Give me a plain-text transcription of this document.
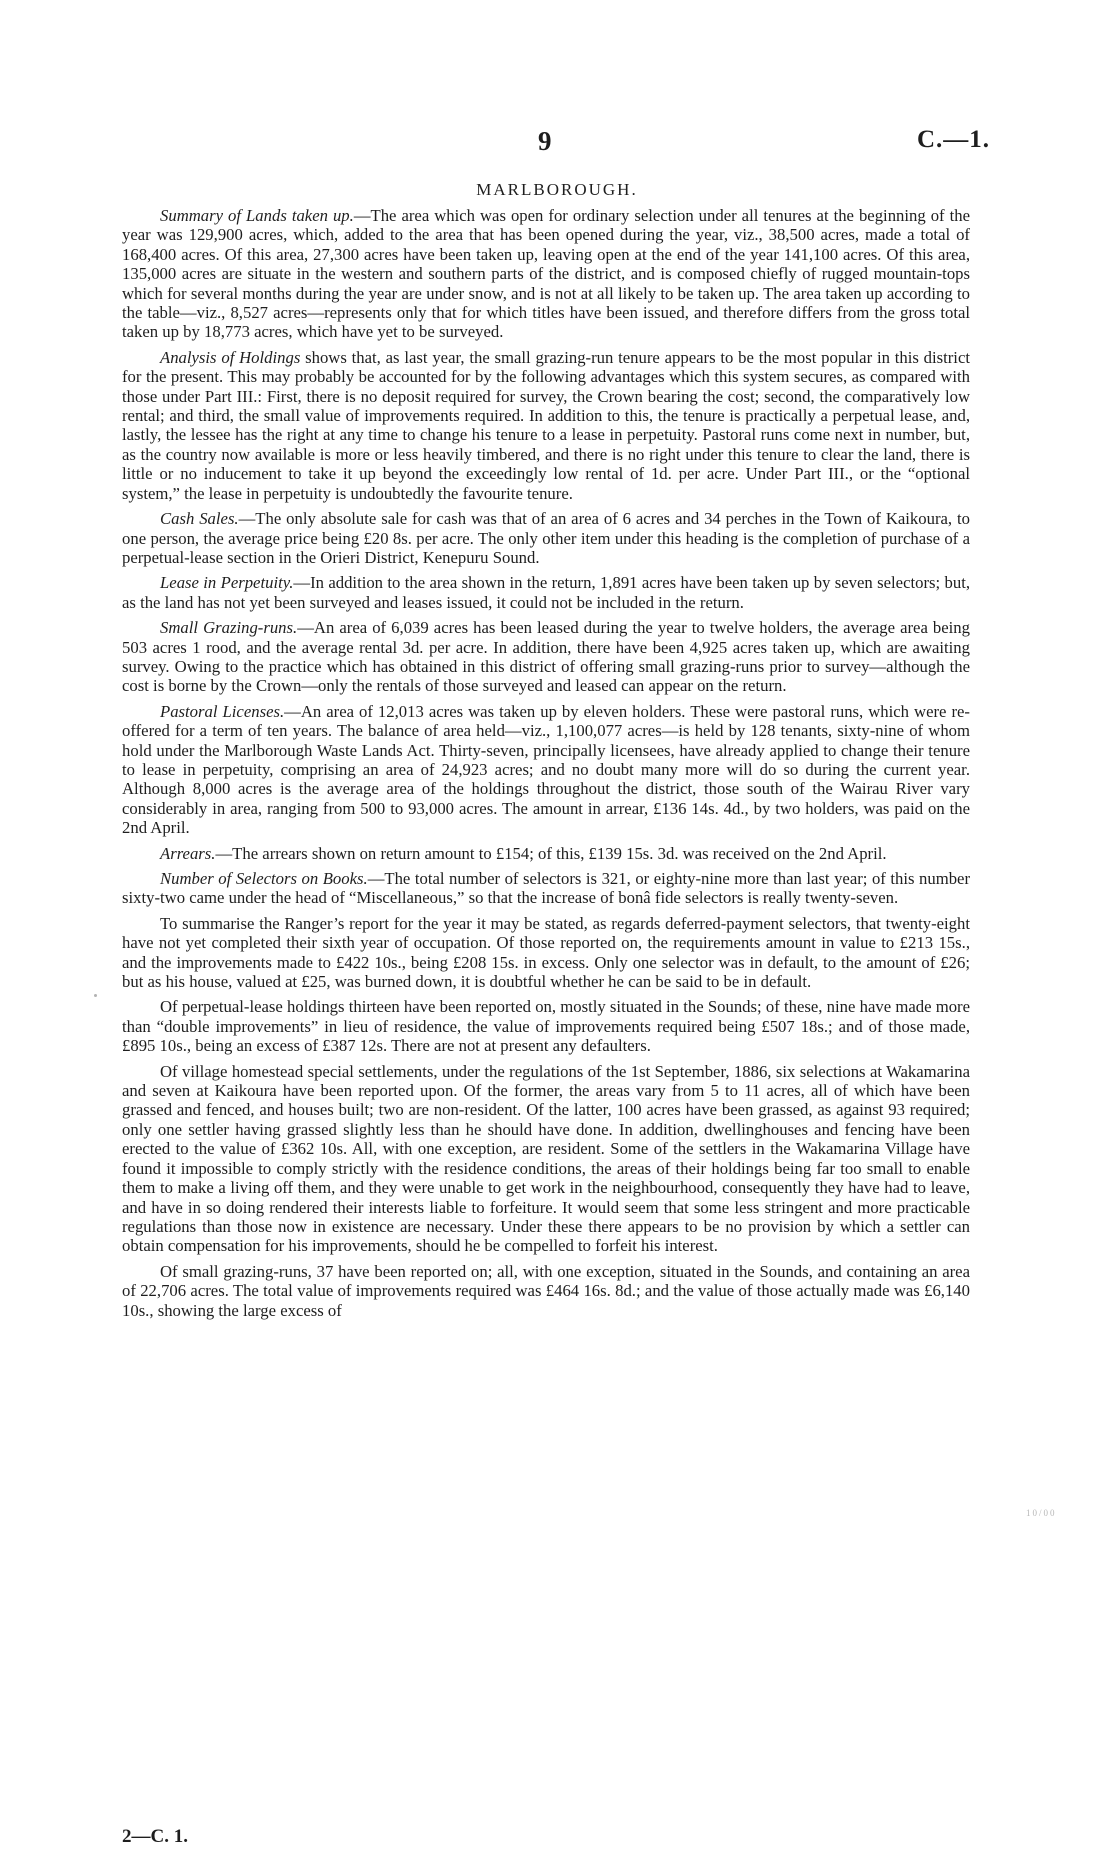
9	C.—1.
MARLBOROUGH.

Summary of Lands taken up.—The area which was open for ordinary selection under all tenures at the beginning of the year was 129,900 acres, which, added to the area that has been opened during the year, viz., 38,500 acres, made a total of 168,400 acres. Of this area, 27,300 acres have been taken up, leaving open at the end of the year 141,100 acres. Of this area, 135,000 acres are situate in the western and southern parts of the district, and is composed chiefly of rugged mountain-tops which for several months during the year are under snow, and is not at all likely to be taken up. The area taken up according to the table—viz., 8,527 acres—represents only that for which titles have been issued, and therefore differs from the gross total taken up by 18,773 acres, which have yet to be surveyed.

Analysis of Holdings shows that, as last year, the small grazing-run tenure appears to be the most popular in this district for the present. This may probably be accounted for by the following advantages which this system secures, as compared with those under Part III.: First, there is no deposit required for survey, the Crown bearing the cost; second, the comparatively low rental; and third, the small value of improvements required. In addition to this, the tenure is practically a perpetual lease, and, lastly, the lessee has the right at any time to change his tenure to a lease in perpetuity. Pastoral runs come next in number, but, as the country now available is more or less heavily timbered, and there is no right under this tenure to clear the land, there is little or no inducement to take it up beyond the exceedingly low rental of 1d. per acre. Under Part III., or the “optional system,” the lease in perpetuity is undoubtedly the favourite tenure.

Cash Sales.—The only absolute sale for cash was that of an area of 6 acres and 34 perches in the Town of Kaikoura, to one person, the average price being £20 8s. per acre. The only other item under this heading is the completion of purchase of a perpetual-lease section in the Orieri District, Kenepuru Sound.

Lease in Perpetuity.—In addition to the area shown in the return, 1,891 acres have been taken up by seven selectors; but, as the land has not yet been surveyed and leases issued, it could not be included in the return.

Small Grazing-runs.—An area of 6,039 acres has been leased during the year to twelve holders, the average area being 503 acres 1 rood, and the average rental 3d. per acre. In addition, there have been 4,925 acres taken up, which are awaiting survey. Owing to the practice which has obtained in this district of offering small grazing-runs prior to survey—although the cost is borne by the Crown—only the rentals of those surveyed and leased can appear on the return.

Pastoral Licenses.—An area of 12,013 acres was taken up by eleven holders. These were pastoral runs, which were re-offered for a term of ten years. The balance of area held—viz., 1,100,077 acres—is held by 128 tenants, sixty-nine of whom hold under the Marlborough Waste Lands Act. Thirty-seven, principally licensees, have already applied to change their tenure to lease in perpetuity, comprising an area of 24,923 acres; and no doubt many more will do so during the current year. Although 8,000 acres is the average area of the holdings throughout the district, those south of the Wairau River vary considerably in area, ranging from 500 to 93,000 acres. The amount in arrear, £136 14s. 4d., by two holders, was paid on the 2nd April.

Arrears.—The arrears shown on return amount to £154; of this, £139 15s. 3d. was received on the 2nd April.

Number of Selectors on Books.—The total number of selectors is 321, or eighty-nine more than last year; of this number sixty-two came under the head of “Miscellaneous,” so that the increase of bonâ fide selectors is really twenty-seven.

To summarise the Ranger’s report for the year it may be stated, as regards deferred-payment selectors, that twenty-eight have not yet completed their sixth year of occupation. Of those reported on, the requirements amount in value to £213 15s., and the improvements made to £422 10s., being £208 15s. in excess. Only one selector was in default, to the amount of £26; but as his house, valued at £25, was burned down, it is doubtful whether he can be said to be in default.

Of perpetual-lease holdings thirteen have been reported on, mostly situated in the Sounds; of these, nine have made more than “double improvements” in lieu of residence, the value of improvements required being £507 18s.; and of those made, £895 10s., being an excess of £387 12s. There are not at present any defaulters.

Of village homestead special settlements, under the regulations of the 1st September, 1886, six selections at Wakamarina and seven at Kaikoura have been reported upon. Of the former, the areas vary from 5 to 11 acres, all of which have been grassed and fenced, and houses built; two are non-resident. Of the latter, 100 acres have been grassed, as against 93 required; only one settler having grassed slightly less than he should have done. In addition, dwellinghouses and fencing have been erected to the value of £362 10s. All, with one exception, are resident. Some of the settlers in the Wakamarina Village have found it impossible to comply strictly with the residence conditions, the areas of their holdings being far too small to enable them to make a living off them, and they were unable to get work in the neighbourhood, consequently they have had to leave, and have in so doing rendered their interests liable to forfeiture. It would seem that some less stringent and more practicable regulations than those now in existence are necessary. Under these there appears to be no provision by which a settler can obtain compensation for his improvements, should he be compelled to forfeit his interest.

Of small grazing-runs, 37 have been reported on; all, with one exception, situated in the Sounds, and containing an area of 22,706 acres. The total value of improvements required was £464 16s. 8d.; and the value of those actually made was £6,140 10s., showing the large excess of

2—C. 1.
10/00
